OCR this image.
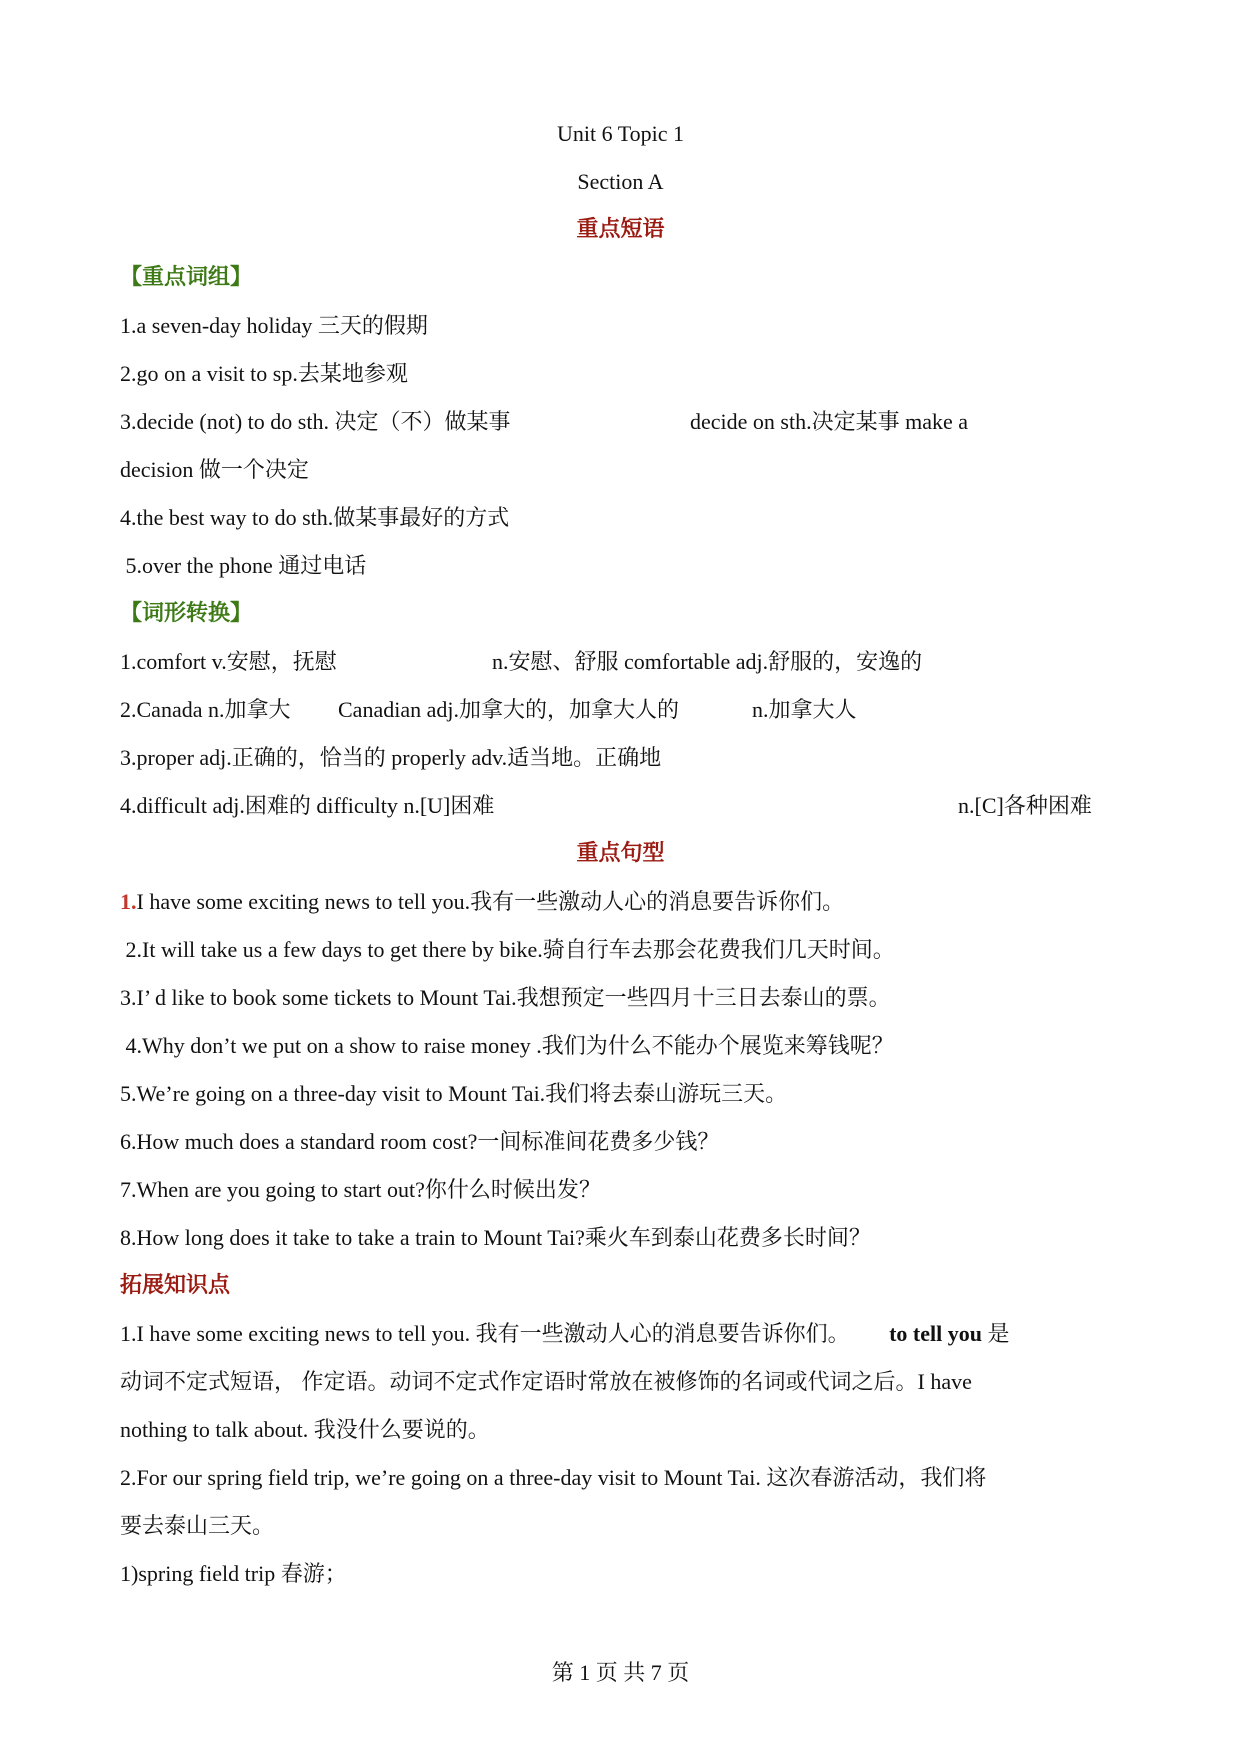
Unit 6 Topic 1
Section A
重点短语
【重点词组】
1.a seven-day holiday 三天的假期
2.go on a visit to sp.去某地参观
3.decide (not) to do sth. 决定（不）做某事	decide on sth.决定某事 make a
decision 做一个决定
4.the best way to do sth.做某事最好的方式
5.over the phone 通过电话
【词形转换】
1.comfort v.安慰，抚慰	n.安慰、舒服 comfortable adj.舒服的，安逸的
2.Canada n.加拿大 Canadian adj.加拿大的，加拿大人的	n.加拿大人
3.proper adj.正确的，恰当的 properly adv.适当地。正确地
4.difficult adj.困难的 difficulty n.[U]困难	n.[C]各种困难
重点句型
1.I have some exciting news to tell you.我有一些激动人心的消息要告诉你们。
2.It will take us a few days to get there by bike.骑自行车去那会花费我们几天时间。
3.I’ d like to book some tickets to Mount Tai.我想预定一些四月十三日去泰山的票。
4.Why don’t we put on a show to raise money .我们为什么不能办个展览来筹钱呢？
5.We’re going on a three-day visit to Mount Tai.我们将去泰山游玩三天。
6.How much does a standard room cost?一间标准间花费多少钱？
7.When are you going to start out?你什么时候出发？
8.How long does it take to take a train to Mount Tai?乘火车到泰山花费多长时间？
拓展知识点
1.I have some exciting news to tell you. 我有一些激动人心的消息要告诉你们。 to tell you 是
动词不定式短语， 作定语。动词不定式作定语时常放在被修饰的名词或代词之后。I have
nothing to talk about. 我没什么要说的。
2.For our spring field trip, we’re going on a three-day visit to Mount Tai. 这次春游活动，我们将
要去泰山三天。
1)spring field trip 春游；
第 1 页 共 7 页
